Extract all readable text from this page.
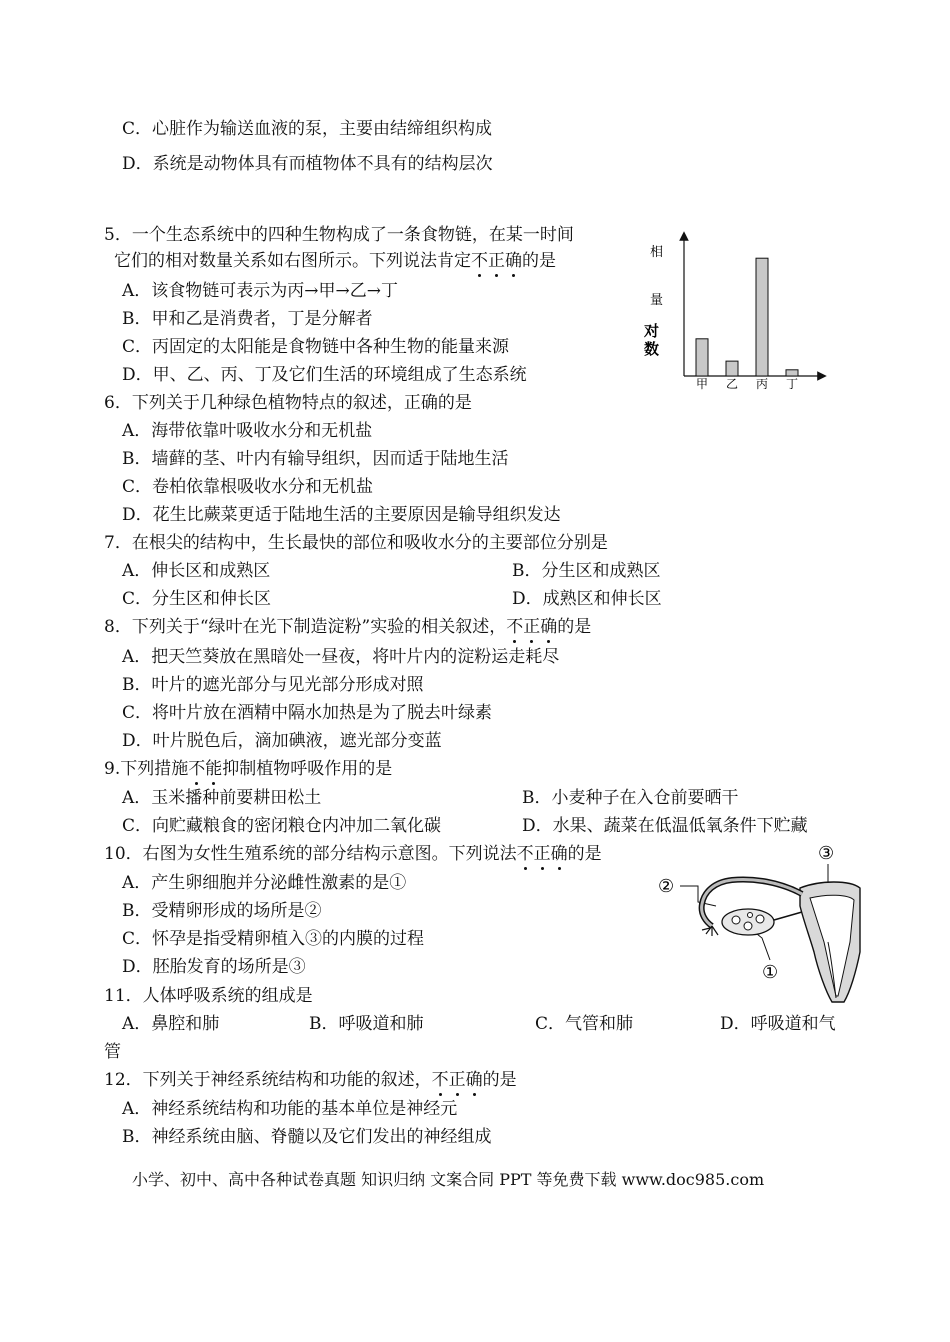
C．心脏作为输送血液的泵，主要由结缔组织构成
D．系统是动物体具有而植物体不具有的结构层次
5．一个生态系统中的四种生物构成了一条食物链，在某一时间
它们的相对数量关系如右图所示。下列说法肯定不正确的是
A．该食物链可表示为丙→甲→乙→丁
B．甲和乙是消费者，丁是分解者
C．丙固定的太阳能是食物链中各种生物的能量来源
D．甲、乙、丙、丁及它们生活的环境组成了生态系统
相
量
对
数
甲 乙 丙 丁
6．下列关于几种绿色植物特点的叙述，正确的是
A．海带依靠叶吸收水分和无机盐
B．墙藓的茎、叶内有输导组织，因而适于陆地生活
C．卷柏依靠根吸收水分和无机盐
D．花生比蕨菜更适于陆地生活的主要原因是输导组织发达
7．在根尖的结构中，生长最快的部位和吸收水分的主要部位分别是
A．伸长区和成熟区	B．分生区和成熟区
C．分生区和伸长区	D．成熟区和伸长区
8．下列关于“绿叶在光下制造淀粉”实验的相关叙述，不正确的是
A．把天竺葵放在黑暗处一昼夜，将叶片内的淀粉运走耗尽
B．叶片的遮光部分与见光部分形成对照
C．将叶片放在酒精中隔水加热是为了脱去叶绿素
D．叶片脱色后，滴加碘液，遮光部分变蓝
9.下列措施不能抑制植物呼吸作用的是
A．玉米播种前要耕田松土	B．小麦种子在入仓前要晒干
C．向贮藏粮食的密闭粮仓内冲加二氧化碳	D．水果、蔬菜在低温低氧条件下贮藏
10．右图为女性生殖系统的部分结构示意图。下列说法不正确的是
A．产生卵细胞并分泌雌性激素的是①
B．受精卵形成的场所是②
C．怀孕是指受精卵植入③的内膜的过程
D．胚胎发育的场所是③
③
②
①
11．人体呼吸系统的组成是
A．鼻腔和肺	B．呼吸道和肺	C．气管和肺	D．呼吸道和气
管
12．下列关于神经系统结构和功能的叙述，不正确的是
A．神经系统结构和功能的基本单位是神经元
B．神经系统由脑、脊髓以及它们发出的神经组成
小学、初中、高中各种试卷真题 知识归纳 文案合同 PPT 等免费下载 www.doc985.com
